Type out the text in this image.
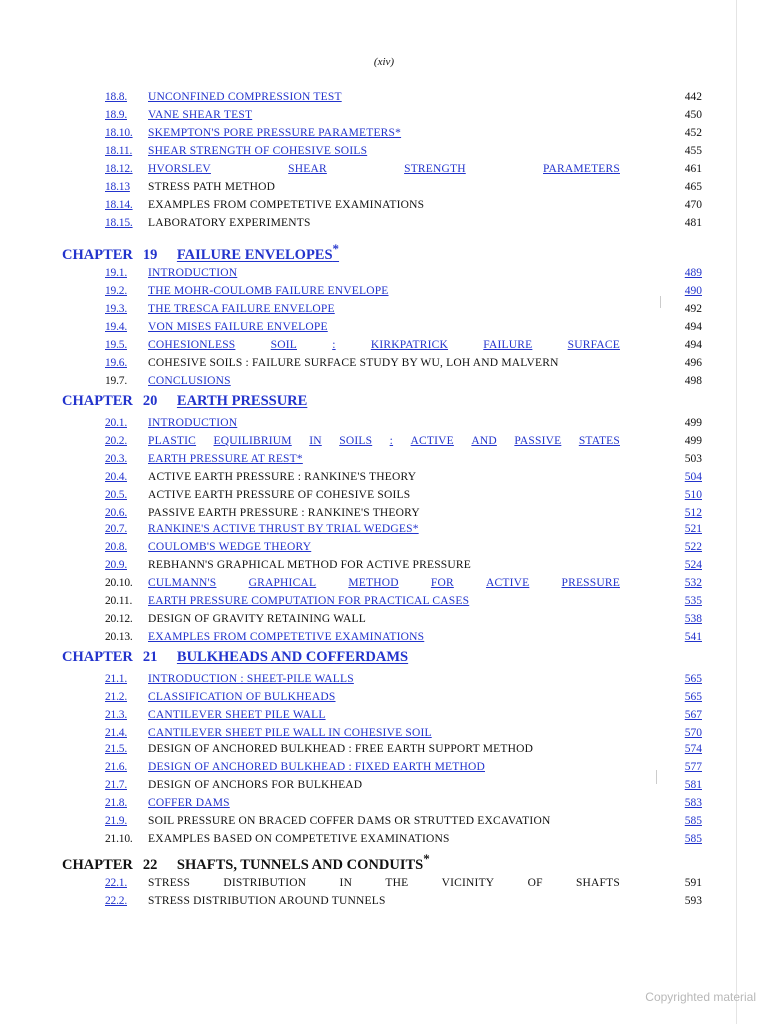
(xiv)
18.8. UNCONFINED COMPRESSION TEST	442
18.9. VANE SHEAR TEST	450
18.10. SKEMPTON'S PORE PRESSURE PARAMETERS*	452
18.11. SHEAR STRENGTH OF COHESIVE SOILS	455
18.12. HVORSLEV	SHEAR	STRENGTH	PARAMETERS	461
18.13 STRESS PATH METHOD	465
18.14. EXAMPLES FROM COMPETETIVE EXAMINATIONS	470
18.15. LABORATORY EXPERIMENTS	481
CHAPTER 19 FAILURE ENVELOPES*
19.1. INTRODUCTION	489
19.2. THE MOHR-COULOMB FAILURE ENVELOPE	490
19.3. THE TRESCA FAILURE ENVELOPE	492
19.4. VON MISES FAILURE ENVELOPE	494
19.5. COHESIONLESS	SOIL	:	KIRKPATRICK	FAILURE	SURFACE	494
19.6. COHESIVE SOILS : FAILURE SURFACE STUDY BY WU, LOH AND MALVERN	496
19.7. CONCLUSIONS	498
CHAPTER 20 EARTH PRESSURE
20.1. INTRODUCTION	499
20.2. PLASTIC EQUILIBRIUM IN SOILS : ACTIVE AND PASSIVE STATES	499
20.3. EARTH PRESSURE AT REST*	503
20.4. ACTIVE EARTH PRESSURE : RANKINE'S THEORY	504
20.5. ACTIVE EARTH PRESSURE OF COHESIVE SOILS	510
20.6. PASSIVE EARTH PRESSURE : RANKINE'S THEORY	512
20.7. RANKINE'S ACTIVE THRUST BY TRIAL WEDGES*	521
20.8. COULOMB'S WEDGE THEORY	522
20.9. REBHANN'S GRAPHICAL METHOD FOR ACTIVE PRESSURE	524
20.10. CULMANN'S	GRAPHICAL	METHOD	FOR	ACTIVE	PRESSURE	532
20.11. EARTH PRESSURE COMPUTATION FOR PRACTICAL CASES	535
20.12. DESIGN OF GRAVITY RETAINING WALL	538
20.13. EXAMPLES FROM COMPETETIVE EXAMINATIONS	541
CHAPTER 21 BULKHEADS AND COFFERDAMS
21.1. INTRODUCTION : SHEET-PILE WALLS	565
21.2. CLASSIFICATION OF BULKHEADS	565
21.3. CANTILEVER SHEET PILE WALL	567
21.4. CANTILEVER SHEET PILE WALL IN COHESIVE SOIL	570
21.5. DESIGN OF ANCHORED BULKHEAD : FREE EARTH SUPPORT METHOD	574
21.6. DESIGN OF ANCHORED BULKHEAD : FIXED EARTH METHOD	577
21.7. DESIGN OF ANCHORS FOR BULKHEAD	581
21.8. COFFER DAMS	583
21.9. SOIL PRESSURE ON BRACED COFFER DAMS OR STRUTTED EXCAVATION	585
21.10. EXAMPLES BASED ON COMPETETIVE EXAMINATIONS	585
CHAPTER 22 SHAFTS, TUNNELS AND CONDUITS*
22.1. STRESS	DISTRIBUTION	IN	THE	VICINITY	OF	SHAFTS	591
22.2. STRESS DISTRIBUTION AROUND TUNNELS	593
Copyrighted material
